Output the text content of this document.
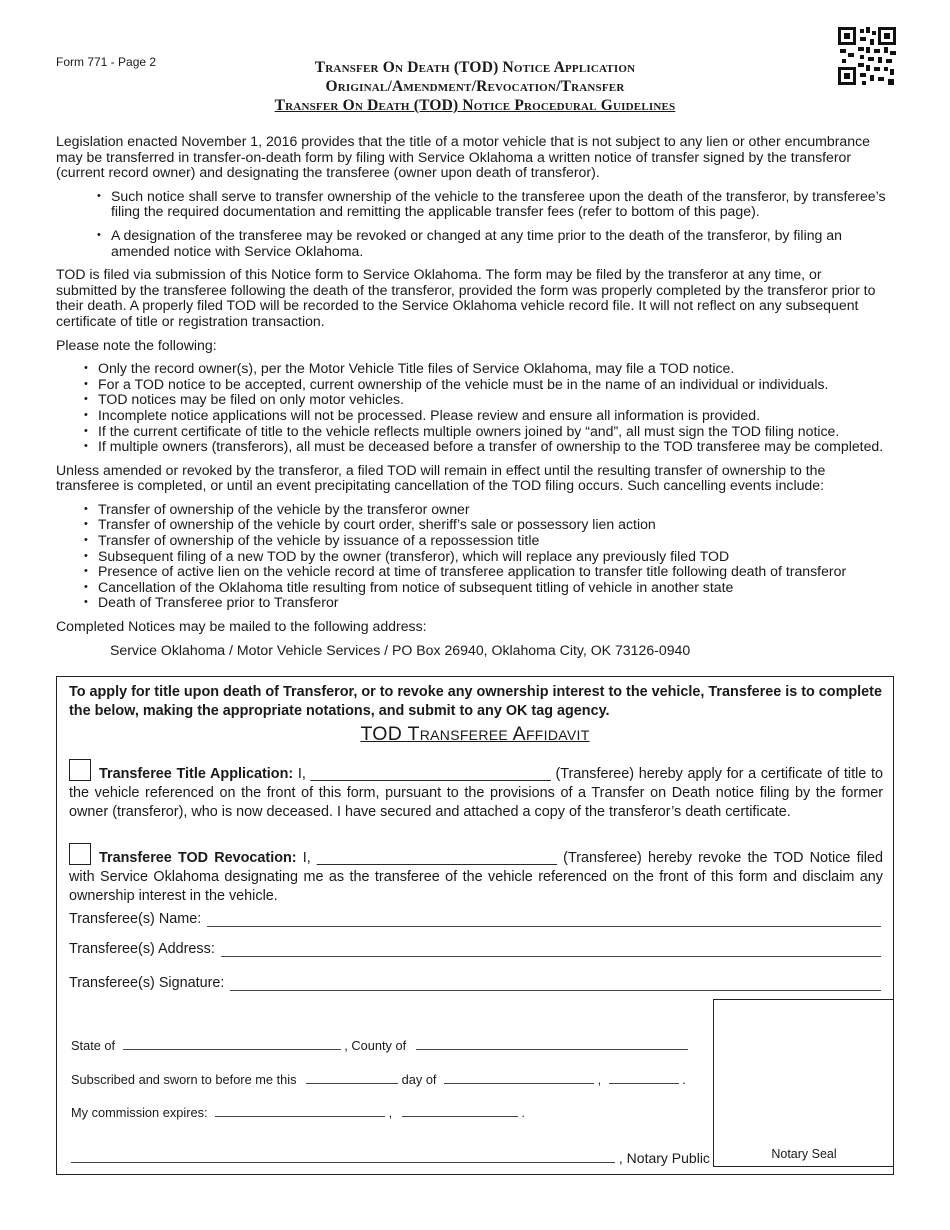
Form 771 - Page 2	Transfer On Death (TOD) Notice Application
Original/Amendment/Revocation/Transfer
Transfer On Death (TOD) Notice Procedural Guidelines

Legislation enacted November 1, 2016 provides that the title of a motor vehicle that is not subject to any lien or other encumbrance may be transferred in transfer-on-death form by filing with Service Oklahoma a written notice of transfer signed by the transferor (current record owner) and designating the transferee (owner upon death of transferor).

• Such notice shall serve to transfer ownership of the vehicle to the transferee upon the death of the transferor, by transferee’s filing the required documentation and remitting the applicable transfer fees (refer to bottom of this page).
• A designation of the transferee may be revoked or changed at any time prior to the death of the transferor, by filing an amended notice with Service Oklahoma.

TOD is filed via submission of this Notice form to Service Oklahoma. The form may be filed by the transferor at any time, or submitted by the transferee following the death of the transferor, provided the form was properly completed by the transferor prior to their death. A properly filed TOD will be recorded to the Service Oklahoma vehicle record file. It will not reflect on any subsequent certificate of title or registration transaction.

Please note the following:

• Only the record owner(s), per the Motor Vehicle Title files of Service Oklahoma, may file a TOD notice.
• For a TOD notice to be accepted, current ownership of the vehicle must be in the name of an individual or individuals.
• TOD notices may be filed on only motor vehicles.
• Incomplete notice applications will not be processed. Please review and ensure all information is provided.
• If the current certificate of title to the vehicle reflects multiple owners joined by “and”, all must sign the TOD filing notice.
• If multiple owners (transferors), all must be deceased before a transfer of ownership to the TOD transferee may be completed.

Unless amended or revoked by the transferor, a filed TOD will remain in effect until the resulting transfer of ownership to the transferee is completed, or until an event precipitating cancellation of the TOD filing occurs. Such cancelling events include:

• Transfer of ownership of the vehicle by the transferor owner
• Transfer of ownership of the vehicle by court order, sheriff’s sale or possessory lien action
• Transfer of ownership of the vehicle by issuance of a repossession title
• Subsequent filing of a new TOD by the owner (transferor), which will replace any previously filed TOD
• Presence of active lien on the vehicle record at time of transferee application to transfer title following death of transferor
• Cancellation of the Oklahoma title resulting from notice of subsequent titling of vehicle in another state
• Death of Transferee prior to Transferor

Completed Notices may be mailed to the following address:

Service Oklahoma / Motor Vehicle Services / PO Box 26940, Oklahoma City, OK 73126-0940

To apply for title upon death of Transferor, or to revoke any ownership interest to the vehicle, Transferee is to complete the below, making the appropriate notations, and submit to any OK tag agency.
TOD Transferee Affidavit
Transferee Title Application: I, ______________________________ (Transferee) hereby apply for a certificate of title to the vehicle referenced on the front of this form, pursuant to the provisions of a Transfer on Death notice filing by the former owner (transferor), who is now deceased. I have secured and attached a copy of the transferor’s death certificate.
Transferee TOD Revocation: I, ______________________________ (Transferee) hereby revoke the TOD Notice filed with Service Oklahoma designating me as the transferee of the vehicle referenced on the front of this form and disclaim any ownership interest in the vehicle.
Transferee(s) Name:
Transferee(s) Address:
Transferee(s) Signature:
State of	, County of
Subscribed and sworn to before me this	day of	,	.
My commission expires:	,	.
, Notary Public	Notary Seal
